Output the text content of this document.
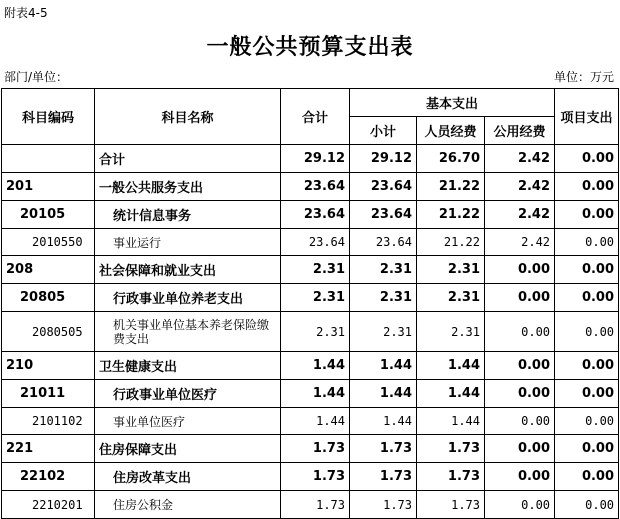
附表4-5
一般公共预算支出表
部门/单位：	单位：万元
科目编码	科目名称	合计	基本支出			项目支出
			小计	人员经费	公用经费	
	合计	29.12	29.12	26.70	2.42	0.00
201	一般公共服务支出	23.64	23.64	21.22	2.42	0.00
20105	统计信息事务	23.64	23.64	21.22	2.42	0.00
2010550	事业运行	23.64	23.64	21.22	2.42	0.00
208	社会保障和就业支出	2.31	2.31	2.31	0.00	0.00
20805	行政事业单位养老支出	2.31	2.31	2.31	0.00	0.00
2080505	机关事业单位基本养老保险缴费支出	2.31	2.31	2.31	0.00	0.00
210	卫生健康支出	1.44	1.44	1.44	0.00	0.00
21011	行政事业单位医疗	1.44	1.44	1.44	0.00	0.00
2101102	事业单位医疗	1.44	1.44	1.44	0.00	0.00
221	住房保障支出	1.73	1.73	1.73	0.00	0.00
22102	住房改革支出	1.73	1.73	1.73	0.00	0.00
2210201	住房公积金	1.73	1.73	1.73	0.00	0.00
